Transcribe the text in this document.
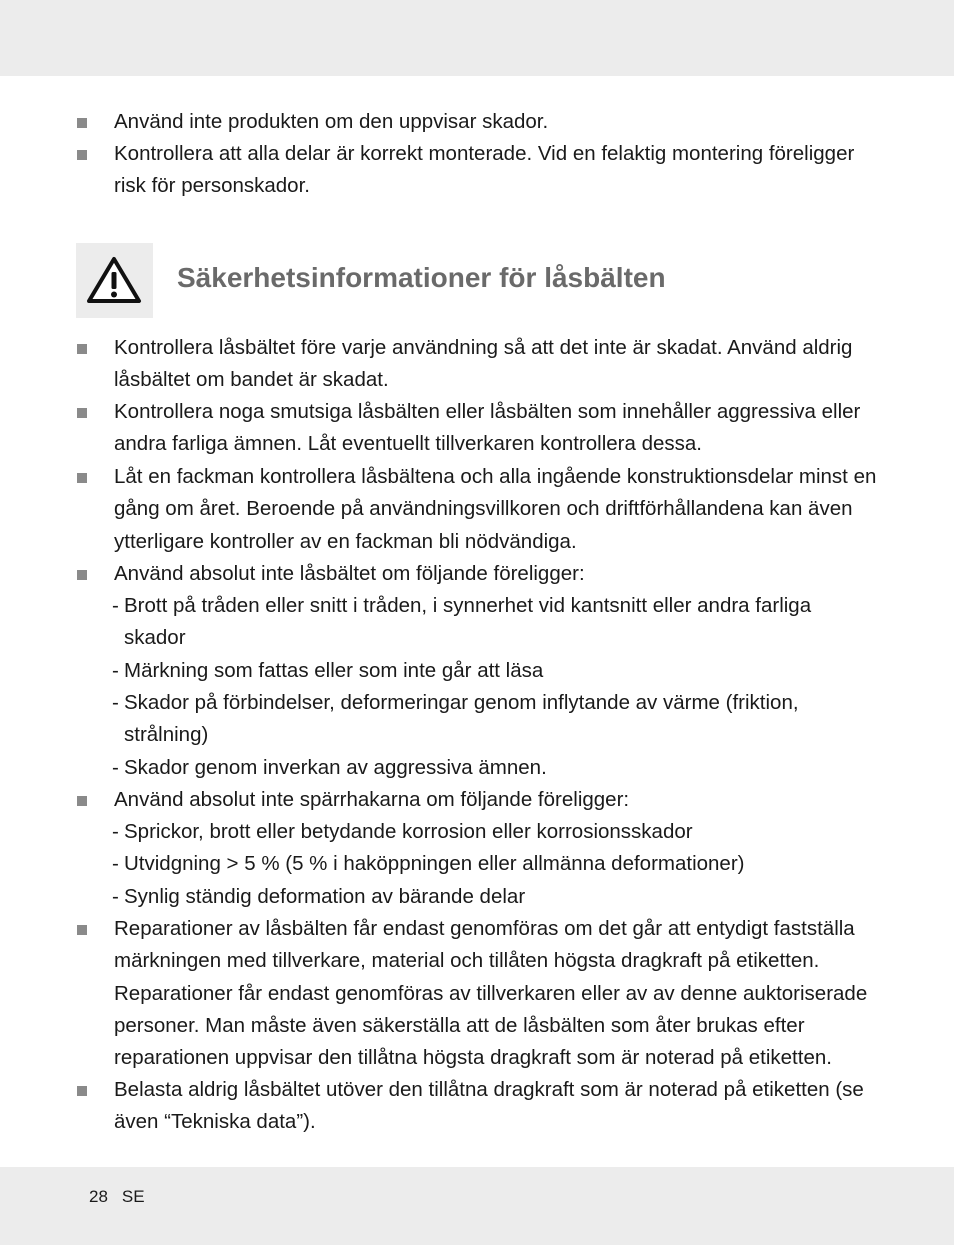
Använd inte produkten om den uppvisar skador.
Kontrollera att alla delar är korrekt monterade. Vid en felaktig montering föreligger risk för personskador.
Säkerhetsinformationer för låsbälten
Kontrollera låsbältet före varje användning så att det inte är skadat. Använd aldrig låsbältet om bandet är skadat.
Kontrollera noga smutsiga låsbälten eller låsbälten som innehåller aggressiva eller andra farliga ämnen. Låt eventuellt tillverkaren kontrollera dessa.
Låt en fackman kontrollera låsbältena och alla ingående konstruktionsdelar minst en gång om året. Beroende på användningsvillkoren och driftförhållandena kan även ytterligare kontroller av en fackman bli nödvändiga.
Använd absolut inte låsbältet om följande föreligger:
- Brott på tråden eller snitt i tråden, i synnerhet vid kantsnitt eller andra farliga skador
- Märkning som fattas eller som inte går att läsa
- Skador på förbindelser, deformeringar genom inflytande av värme (friktion, strålning)
- Skador genom inverkan av aggressiva ämnen.
Använd absolut inte spärrhakarna om följande föreligger:
- Sprickor, brott eller betydande korrosion eller korrosionsskador
- Utvidgning > 5 % (5 % i haköppningen eller allmänna deformationer)
- Synlig ständig deformation av bärande delar
Reparationer av låsbälten får endast genomföras om det går att entydigt fastställa märkningen med tillverkare, material och tillåten högsta dragkraft på etiketten. Reparationer får endast genomföras av tillverkaren eller av av denne auktoriserade personer. Man måste även säkerställa att de låsbälten som åter brukas efter reparationen uppvisar den tillåtna högsta dragkraft som är noterad på etiketten.
Belasta aldrig låsbältet utöver den tillåtna dragkraft som är noterad på etiketten (se även “Tekniska data”).
28 SE
